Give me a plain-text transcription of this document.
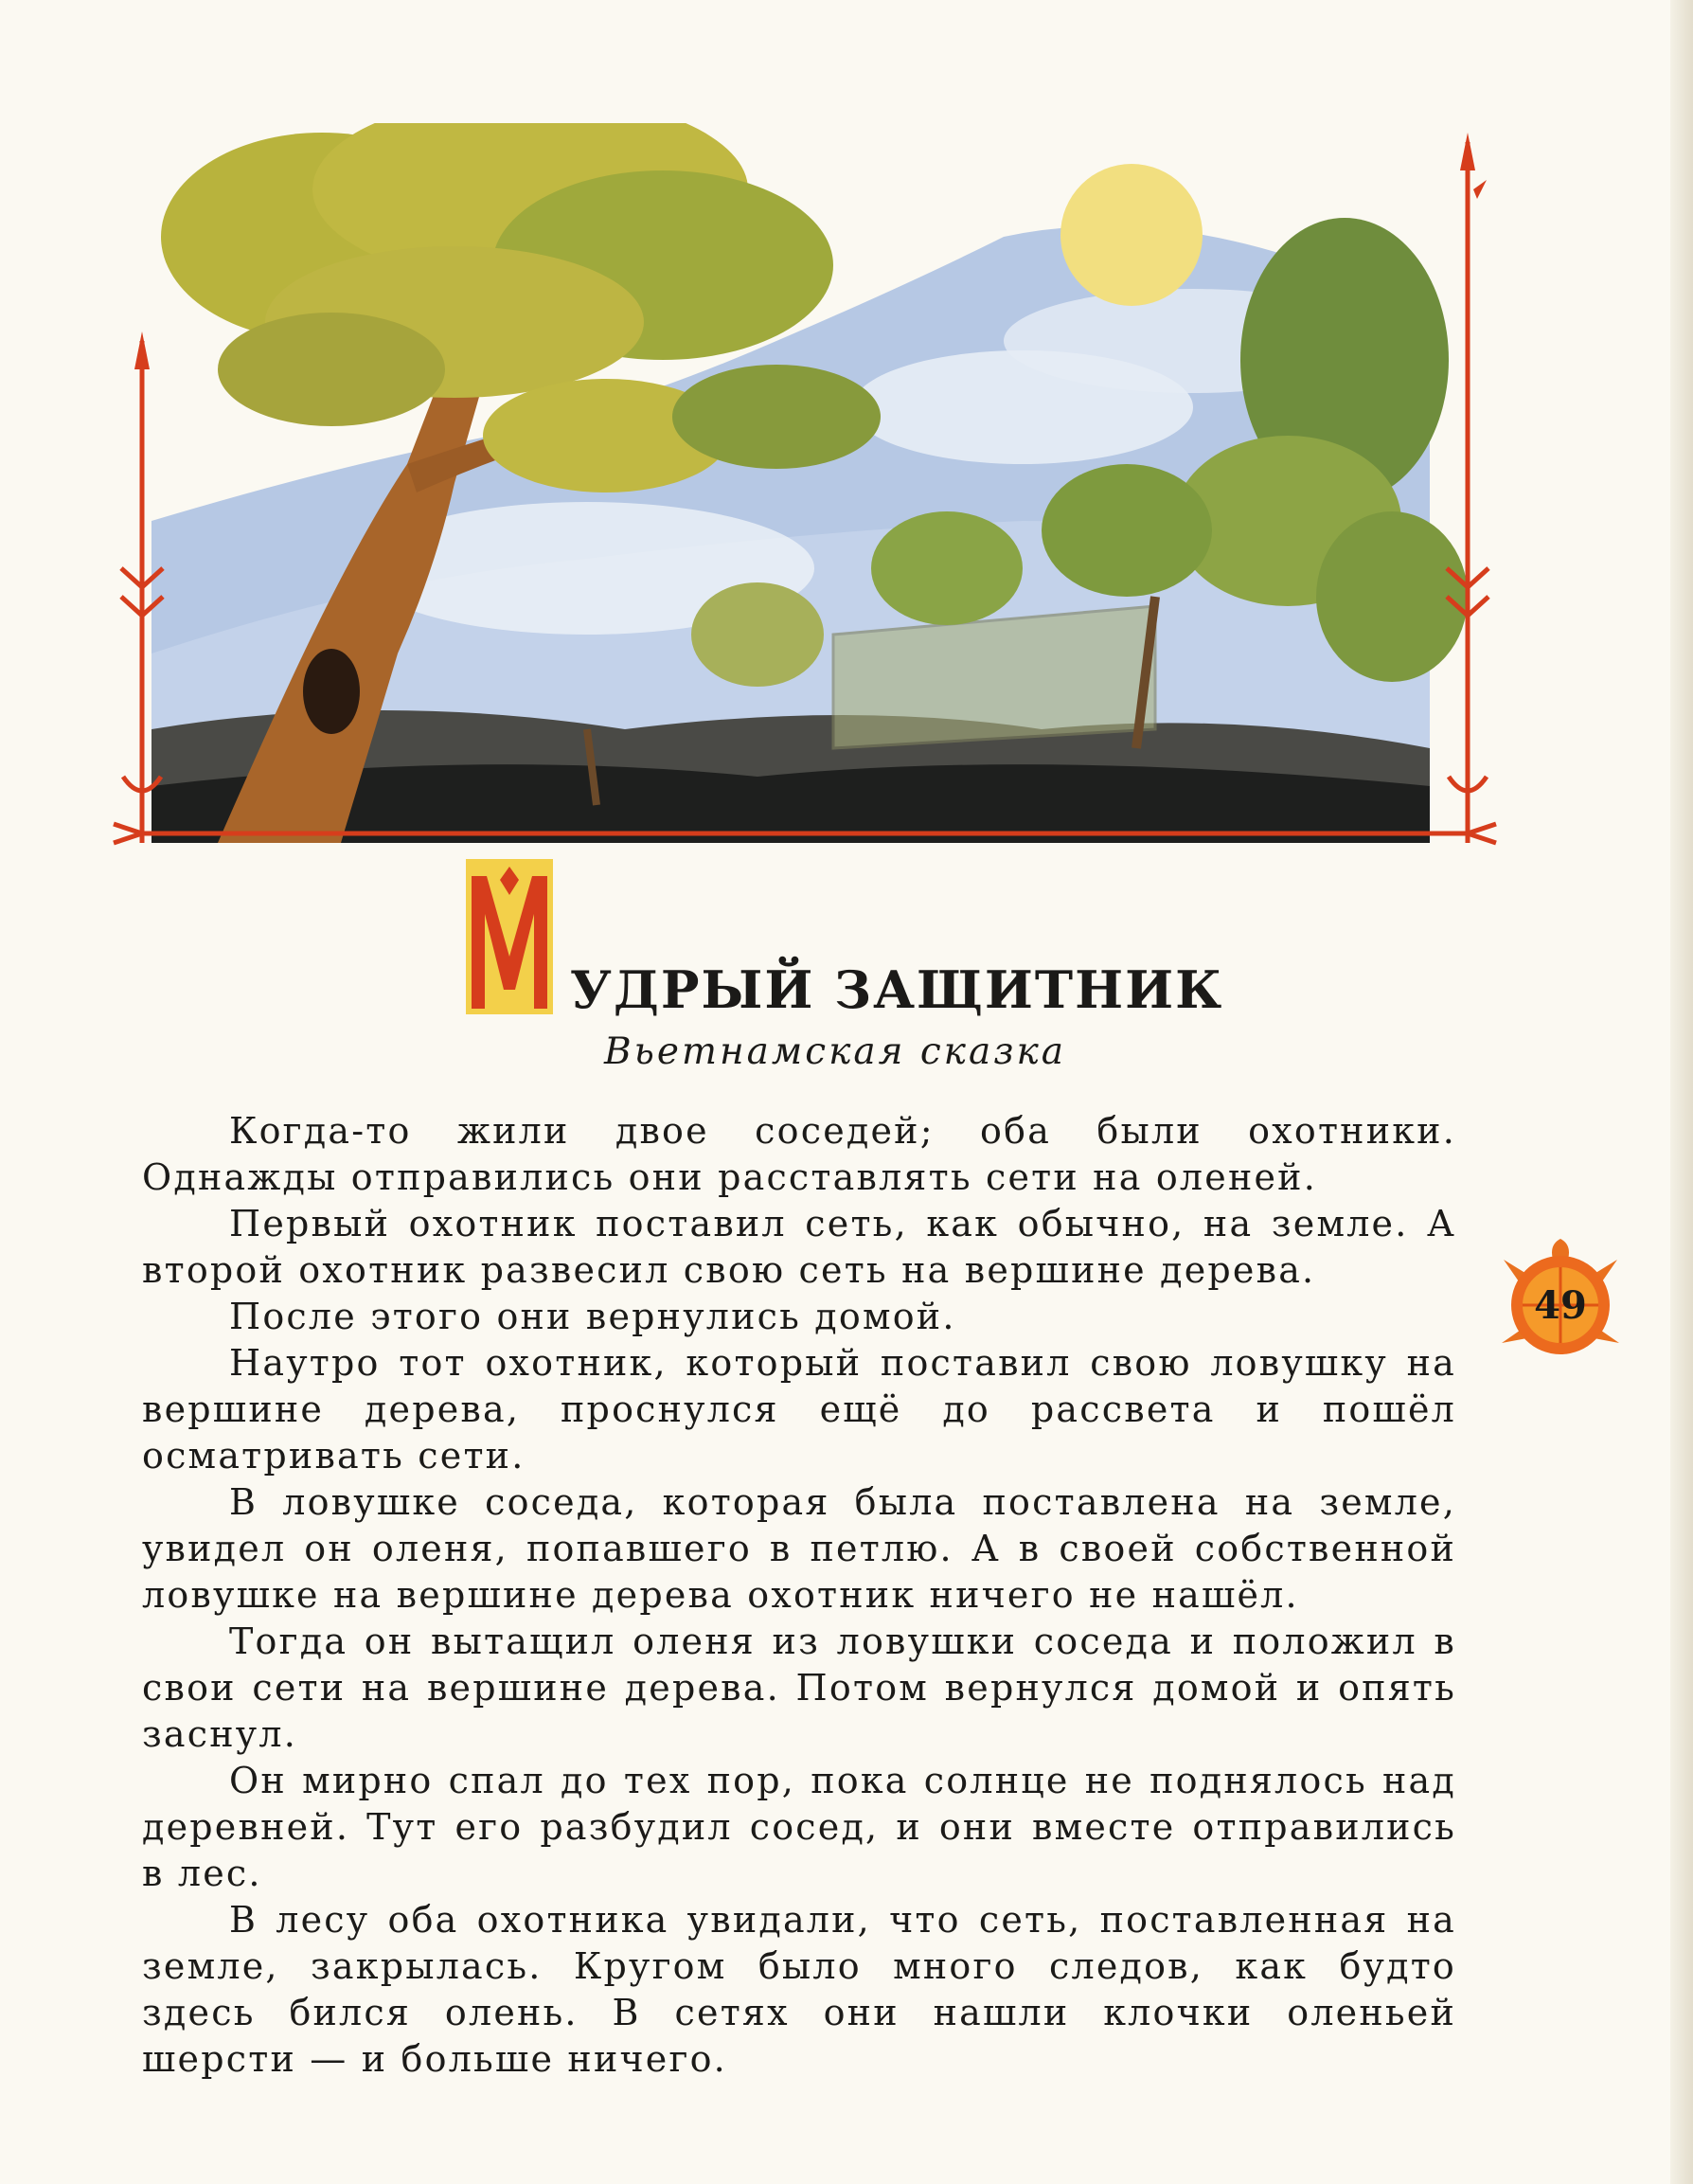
М УДРЫЙ ЗАЩИТНИК
Вьетнамская сказка

Когда-то жили двое соседей; оба были охотники. Однажды отправились они расставлять сети на оленей.

Первый охотник поставил сеть, как обычно, на земле. А второй охотник развесил свою сеть на вершине дерева.

После этого они вернулись домой.

Наутро тот охотник, который поставил свою ловушку на вершине дерева, проснулся ещё до рассвета и пошёл осматривать сети.

В ловушке соседа, которая была поставлена на земле, увидел он оленя, попавшего в петлю. А в своей собственной ловушке на вершине дерева охотник ничего не нашёл.

Тогда он вытащил оленя из ловушки соседа и положил в свои сети на вершине дерева. Потом вернулся домой и опять заснул.

Он мирно спал до тех пор, пока солнце не поднялось над деревней. Тут его разбудил сосед, и они вместе отправились в лес.

В лесу оба охотника увидали, что сеть, поставленная на земле, закрылась. Кругом было много следов, как будто здесь бился олень. В сетях они нашли клочки оленьей шерсти — и больше ничего.

49
